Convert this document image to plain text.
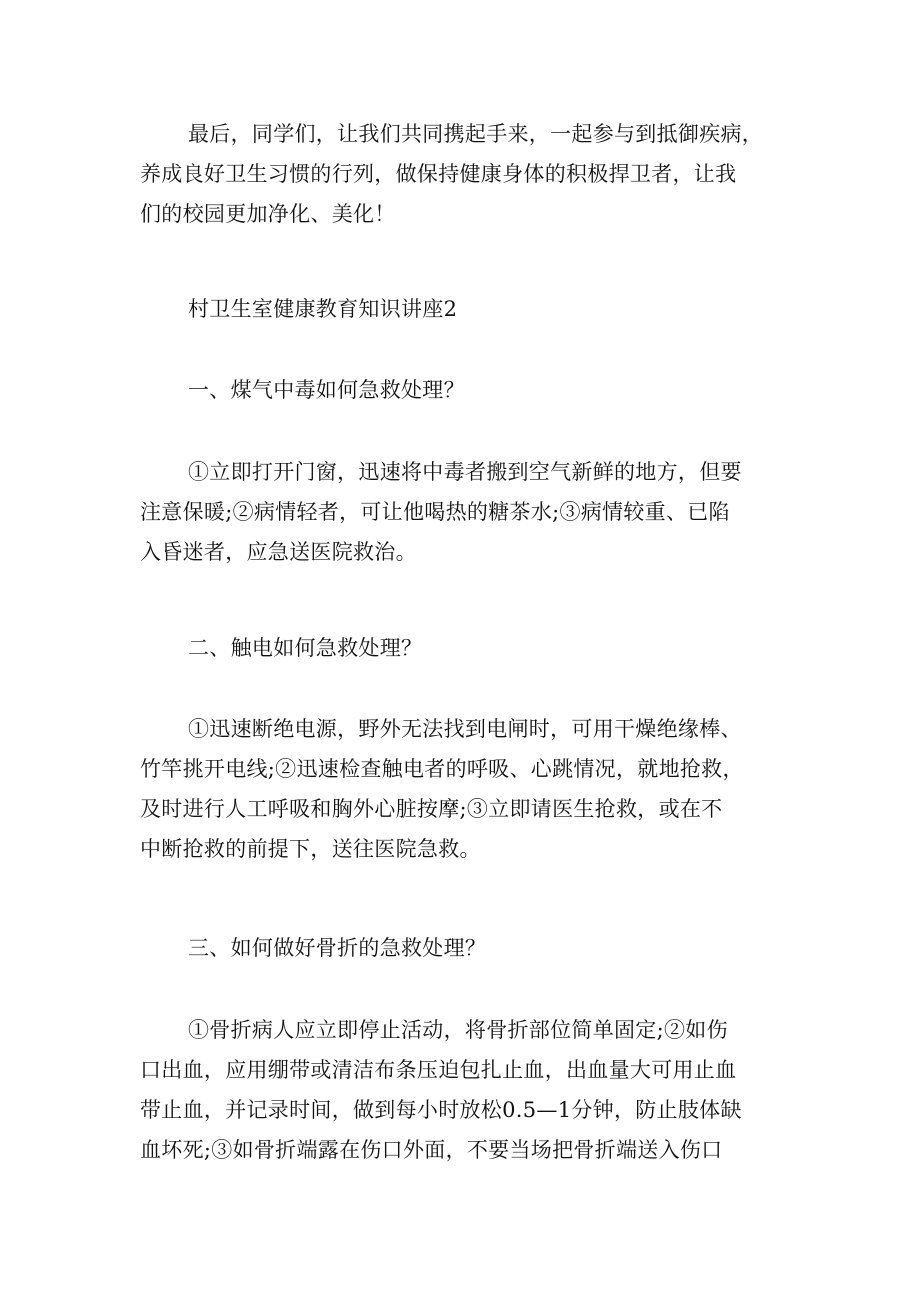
最后，同学们，让我们共同携起手来，一起参与到抵御疾病，
养成良好卫生习惯的行列，做保持健康身体的积极捍卫者，让我
们的校园更加净化、美化！
村卫生室健康教育知识讲座2
一、煤气中毒如何急救处理？
①立即打开门窗，迅速将中毒者搬到空气新鲜的地方，但要
注意保暖;②病情轻者，可让他喝热的糖茶水;③病情较重、已陷
入昏迷者，应急送医院救治。
二、触电如何急救处理？
①迅速断绝电源，野外无法找到电闸时，可用干燥绝缘棒、
竹竿挑开电线;②迅速检查触电者的呼吸、心跳情况，就地抢救，
及时进行人工呼吸和胸外心脏按摩;③立即请医生抢救，或在不
中断抢救的前提下，送往医院急救。
三、如何做好骨折的急救处理？
①骨折病人应立即停止活动，将骨折部位简单固定;②如伤
口出血，应用绷带或清洁布条压迫包扎止血，出血量大可用止血
带止血，并记录时间，做到每小时放松0.5—1分钟，防止肢体缺
血坏死;③如骨折端露在伤口外面，不要当场把骨折端送入伤口
